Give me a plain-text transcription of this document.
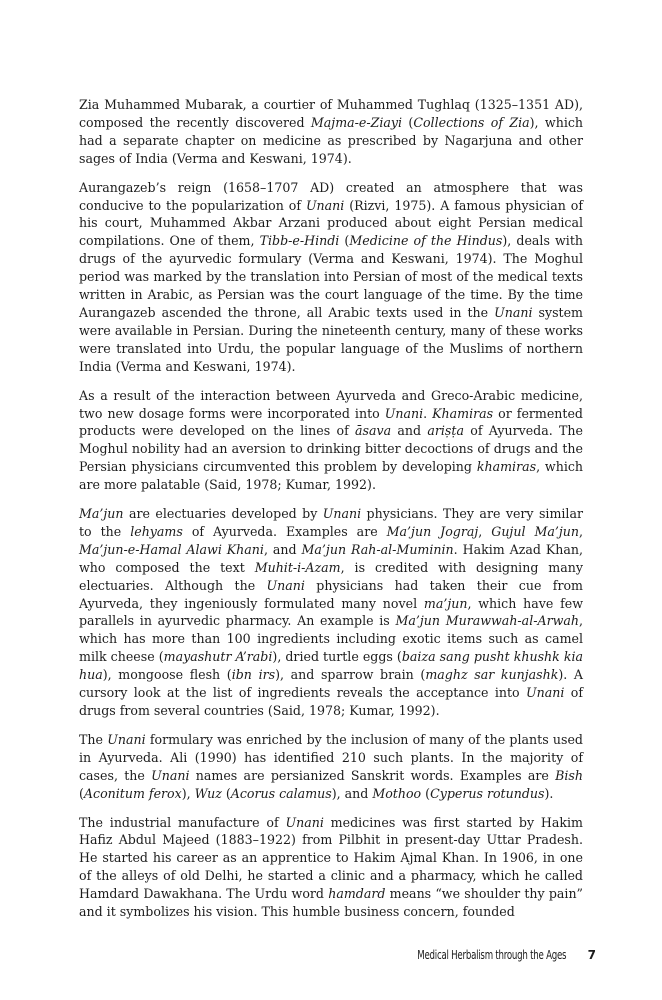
Zia Muhammed Mubarak, a courtier of Muhammed Tughlaq (1325–1351 AD), composed the recently discovered Majma-e-Ziayi (Collections of Zia), which had a separate chapter on medicine as prescribed by Nagarjuna and other sages of India (Verma and Keswani, 1974).

Aurangazeb’s reign (1658–1707 AD) created an atmosphere that was conducive to the popularization of Unani (Rizvi, 1975). A famous physician of his court, Muhammed Akbar Arzani produced about eight Persian medical compilations. One of them, Tibb-e-Hindi (Medicine of the Hindus), deals with drugs of the ayurvedic formulary (Verma and Keswani, 1974). The Moghul period was marked by the translation into Persian of most of the medical texts written in Arabic, as Persian was the court language of the time. By the time Aurangazeb ascended the throne, all Arabic texts used in the Unani system were available in Persian. During the nineteenth century, many of these works were translated into Urdu, the popular language of the Muslims of northern India (Verma and Keswani, 1974).

As a result of the interaction between Ayurveda and Greco-Arabic medicine, two new dosage forms were incorporated into Unani. Khamiras or fermented products were developed on the lines of āsava and ariṣṭa of Ayurveda. The Moghul nobility had an aversion to drinking bitter decoctions of drugs and the Persian physicians circumvented this problem by developing khamiras, which are more palatable (Said, 1978; Kumar, 1992).

Ma’jun are electuaries developed by Unani physicians. They are very similar to the lehyams of Ayurveda. Examples are Ma’jun Jograj, Gujul Ma’jun, Ma’jun-e-Hamal Alawi Khani, and Ma’jun Rah-al-Muminin. Hakim Azad Khan, who composed the text Muhit-i-Azam, is credited with designing many electuaries. Although the Unani physicians had taken their cue from Ayurveda, they ingeniously formulated many novel ma’jun, which have few parallels in ayurvedic pharmacy. An example is Ma’jun Murawwah-al-Arwah, which has more than 100 ingredients including exotic items such as camel milk cheese (mayashutr A’rabi), dried turtle eggs (baiza sang pusht khushk kia hua), mongoose flesh (ibn irs), and sparrow brain (maghz sar kunjashk). A cursory look at the list of ingredients reveals the acceptance into Unani of drugs from several countries (Said, 1978; Kumar, 1992).

The Unani formulary was enriched by the inclusion of many of the plants used in Ayurveda. Ali (1990) has identified 210 such plants. In the majority of cases, the Unani names are persianized Sanskrit words. Examples are Bish (Aconitum ferox), Wuz (Acorus calamus), and Mothoo (Cyperus rotundus).

The industrial manufacture of Unani medicines was first started by Hakim Hafiz Abdul Majeed (1883–1922) from Pilbhit in present-day Uttar Pradesh. He started his career as an apprentice to Hakim Ajmal Khan. In 1906, in one of the alleys of old Delhi, he started a clinic and a pharmacy, which he called Hamdard Dawakhana. The Urdu word hamdard means “we shoulder thy pain” and it symbolizes his vision. This humble business concern, founded

Medical Herbalism through the Ages 7
